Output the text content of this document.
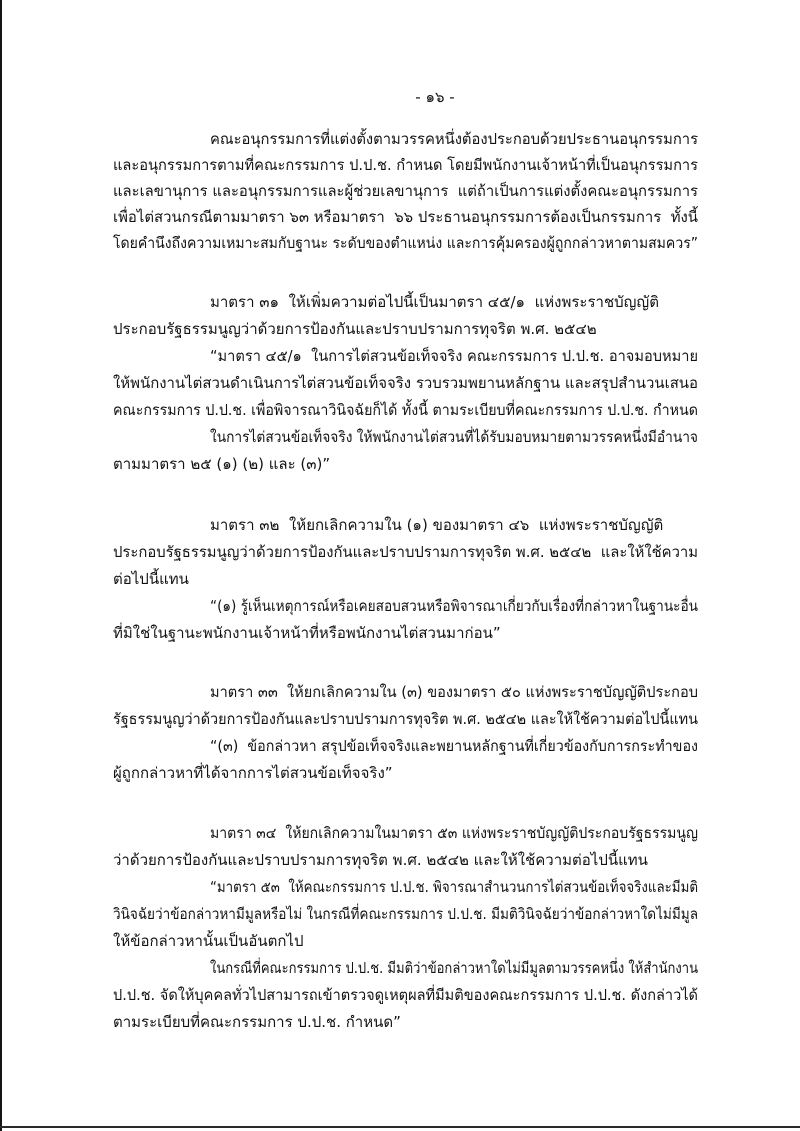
- ๑๖ -
คณะอนุกรรมการที่แต่งตั้งตามวรรคหนึ่งต้องประกอบด้วยประธานอนุกรรมการ
และอนุกรรมการตามที่คณะกรรมการ ป.ป.ช. กำหนด โดยมีพนักงานเจ้าหน้าที่เป็นอนุกรรมการ
และเลขานุการ และอนุกรรมการและผู้ช่วยเลขานุการ  แต่ถ้าเป็นการแต่งตั้งคณะอนุกรรมการ
เพื่อไต่สวนกรณีตามมาตรา ๖๓ หรือมาตรา  ๖๖ ประธานอนุกรรมการต้องเป็นกรรมการ  ทั้งนี้
โดยคำนึงถึงความเหมาะสมกับฐานะ ระดับของตำแหน่ง และการคุ้มครองผู้ถูกกล่าวหาตามสมควร”
มาตรา ๓๑  ให้เพิ่มความต่อไปนี้เป็นมาตรา ๔๕/๑  แห่งพระราชบัญญัติ
ประกอบรัฐธรรมนูญว่าด้วยการป้องกันและปราบปรามการทุจริต พ.ศ. ๒๕๔๒
“มาตรา ๔๕/๑  ในการไต่สวนข้อเท็จจริง คณะกรรมการ ป.ป.ช. อาจมอบหมาย
ให้พนักงานไต่สวนดำเนินการไต่สวนข้อเท็จจริง รวบรวมพยานหลักฐาน และสรุปสำนวนเสนอ
คณะกรรมการ ป.ป.ช. เพื่อพิจารณาวินิจฉัยก็ได้ ทั้งนี้ ตามระเบียบที่คณะกรรมการ ป.ป.ช. กำหนด
ในการไต่สวนข้อเท็จจริง ให้พนักงานไต่สวนที่ได้รับมอบหมายตามวรรคหนึ่งมีอำนาจ
ตามมาตรา ๒๕ (๑) (๒) และ (๓)”
มาตรา ๓๒  ให้ยกเลิกความใน (๑) ของมาตรา ๔๖  แห่งพระราชบัญญัติ
ประกอบรัฐธรรมนูญว่าด้วยการป้องกันและปราบปรามการทุจริต พ.ศ. ๒๕๔๒  และให้ใช้ความ
ต่อไปนี้แทน
“(๑) รู้เห็นเหตุการณ์หรือเคยสอบสวนหรือพิจารณาเกี่ยวกับเรื่องที่กล่าวหาในฐานะอื่น
ที่มิใช่ในฐานะพนักงานเจ้าหน้าที่หรือพนักงานไต่สวนมาก่อน”
มาตรา ๓๓  ให้ยกเลิกความใน (๓) ของมาตรา ๕๐ แห่งพระราชบัญญัติประกอบ
รัฐธรรมนูญว่าด้วยการป้องกันและปราบปรามการทุจริต พ.ศ. ๒๕๔๒ และให้ใช้ความต่อไปนี้แทน
“(๓)  ข้อกล่าวหา สรุปข้อเท็จจริงและพยานหลักฐานที่เกี่ยวข้องกับการกระทำของ
ผู้ถูกกล่าวหาที่ได้จากการไต่สวนข้อเท็จจริง”
มาตรา ๓๔  ให้ยกเลิกความในมาตรา ๕๓ แห่งพระราชบัญญัติประกอบรัฐธรรมนูญ
ว่าด้วยการป้องกันและปราบปรามการทุจริต พ.ศ. ๒๕๔๒ และให้ใช้ความต่อไปนี้แทน
“มาตรา ๕๓  ให้คณะกรรมการ ป.ป.ช. พิจารณาสำนวนการไต่สวนข้อเท็จจริงและมีมติ
วินิจฉัยว่าข้อกล่าวหามีมูลหรือไม่ ในกรณีที่คณะกรรมการ ป.ป.ช. มีมติวินิจฉัยว่าข้อกล่าวหาใดไม่มีมูล
ให้ข้อกล่าวหานั้นเป็นอันตกไป
ในกรณีที่คณะกรรมการ ป.ป.ช. มีมติว่าข้อกล่าวหาใดไม่มีมูลตามวรรคหนึ่ง ให้สำนักงาน
ป.ป.ช. จัดให้บุคคลทั่วไปสามารถเข้าตรวจดูเหตุผลที่มีมติของคณะกรรมการ ป.ป.ช. ดังกล่าวได้
ตามระเบียบที่คณะกรรมการ ป.ป.ช. กำหนด”
